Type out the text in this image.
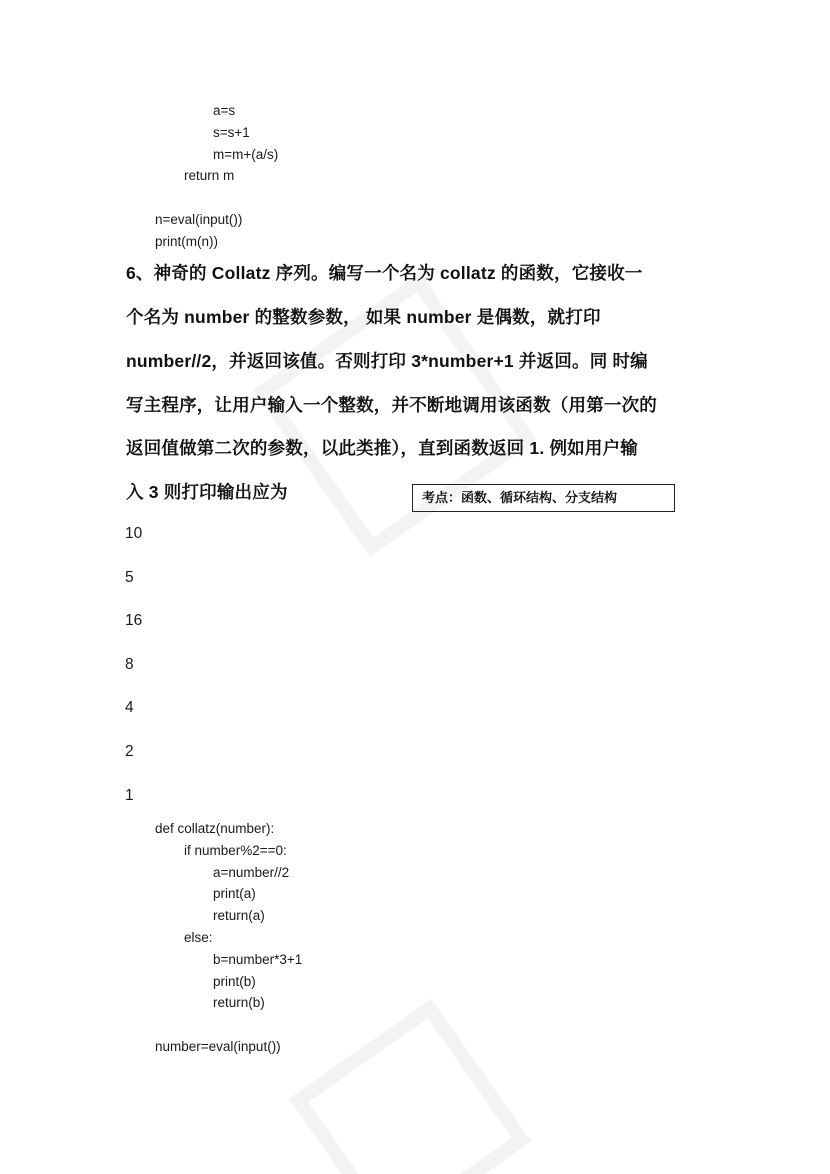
a=s
s=s+1
m=m+(a/s)
return m
n=eval(input())
print(m(n))
6、神奇的 Collatz 序列。编写一个名为 collatz 的函数，它接收一
个名为 number 的整数参数， 如果 number 是偶数，就打印
number//2，并返回该值。否则打印 3*number+1 并返回。同 时编
写主程序，让用户输入一个整数，并不断地调用该函数（用第一次的
返回值做第二次的参数，以此类推），直到函数返回 1. 例如用户输
入 3 则打印输出应为	考点：函数、循环结构、分支结构
10
5
16
8
4
2
1
def collatz(number):
if number%2==0:
a=number//2
print(a)
return(a)
else:
b=number*3+1
print(b)
return(b)
number=eval(input())
